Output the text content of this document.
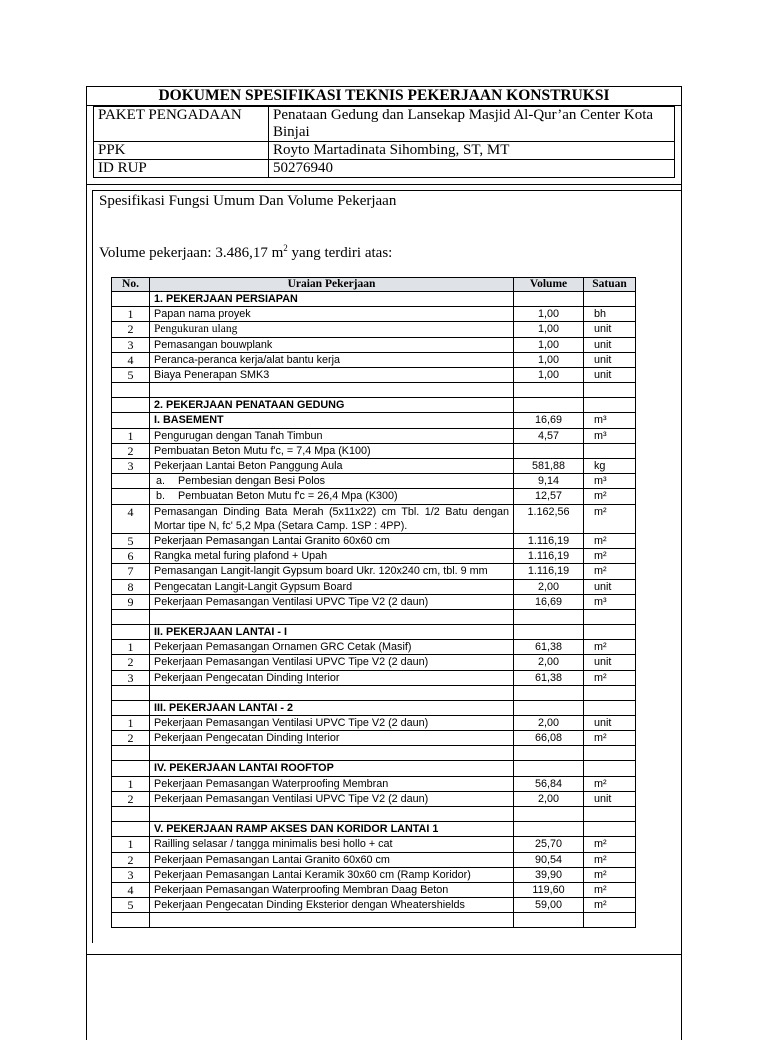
DOKUMEN SPESIFIKASI TEKNIS PEKERJAAN KONSTRUKSI
PAKET PENGADAAN	Penataan Gedung dan Lansekap Masjid Al-Qur’an Center Kota Binjai
PPK	Royto Martadinata Sihombing, ST, MT
ID RUP	50276940
Spesifikasi Fungsi Umum Dan Volume Pekerjaan
Volume pekerjaan: 3.486,17 $m^2$ yang terdiri atas:
No.	Uraian Pekerjaan	Volume	Satuan
	1. PEKERJAAN PERSIAPAN		
1	Papan nama proyek	1,00	bh
2	Pengukuran ulang	1,00	unit
3	Pemasangan bouwplank	1,00	unit
4	Peranca-peranca kerja/alat bantu kerja	1,00	unit
5	Biaya Penerapan SMK3	1,00	unit

	2. PEKERJAAN PENATAAN GEDUNG		
	I. BASEMENT	16,69	m³
1	Pengurugan dengan Tanah Timbun	4,57	m³
2	Pembuatan Beton Mutu f'c, = 7,4 Mpa (K100)		
3	Pekerjaan Lantai Beton Panggung Aula	581,88	kg
	a. Pembesian dengan Besi Polos	9,14	m³
	b. Pembuatan Beton Mutu f'c = 26,4 Mpa (K300)	12,57	m²
4	Pemasangan Dinding Bata Merah (5x11x22) cm Tbl. 1/2 Batu dengan Mortar tipe N, fc' 5,2 Mpa (Setara Camp. 1SP : 4PP).	1.162,56	m²
5	Pekerjaan Pemasangan Lantai Granito 60x60 cm	1.116,19	m²
6	Rangka metal furing plafond + Upah	1.116,19	m²
7	Pemasangan Langit-langit Gypsum board Ukr. 120x240 cm, tbl. 9 mm	1.116,19	m²
8	Pengecatan Langit-Langit Gypsum Board	2,00	unit
9	Pekerjaan Pemasangan Ventilasi UPVC Tipe V2 (2 daun)	16,69	m³

	II. PEKERJAAN LANTAI - I		
1	Pekerjaan Pemasangan Ornamen GRC Cetak (Masif)	61,38	m²
2	Pekerjaan Pemasangan Ventilasi UPVC Tipe V2 (2 daun)	2,00	unit
3	Pekerjaan Pengecatan Dinding Interior	61,38	m²

	III. PEKERJAAN LANTAI - 2		
1	Pekerjaan Pemasangan Ventilasi UPVC Tipe V2 (2 daun)	2,00	unit
2	Pekerjaan Pengecatan Dinding Interior	66,08	m²

	IV. PEKERJAAN LANTAI ROOFTOP		
1	Pekerjaan Pemasangan Waterproofing Membran	56,84	m²
2	Pekerjaan Pemasangan Ventilasi UPVC Tipe V2 (2 daun)	2,00	unit

	V. PEKERJAAN RAMP AKSES DAN KORIDOR LANTAI 1		
1	Railling selasar / tangga minimalis besi hollo + cat	25,70	m²
2	Pekerjaan Pemasangan Lantai Granito 60x60 cm	90,54	m²
3	Pekerjaan Pemasangan Lantai Keramik 30x60 cm (Ramp Koridor)	39,90	m²
4	Pekerjaan Pemasangan Waterproofing Membran Daag Beton	119,60	m²
5	Pekerjaan Pengecatan Dinding Eksterior dengan Wheatershields	59,00	m²
